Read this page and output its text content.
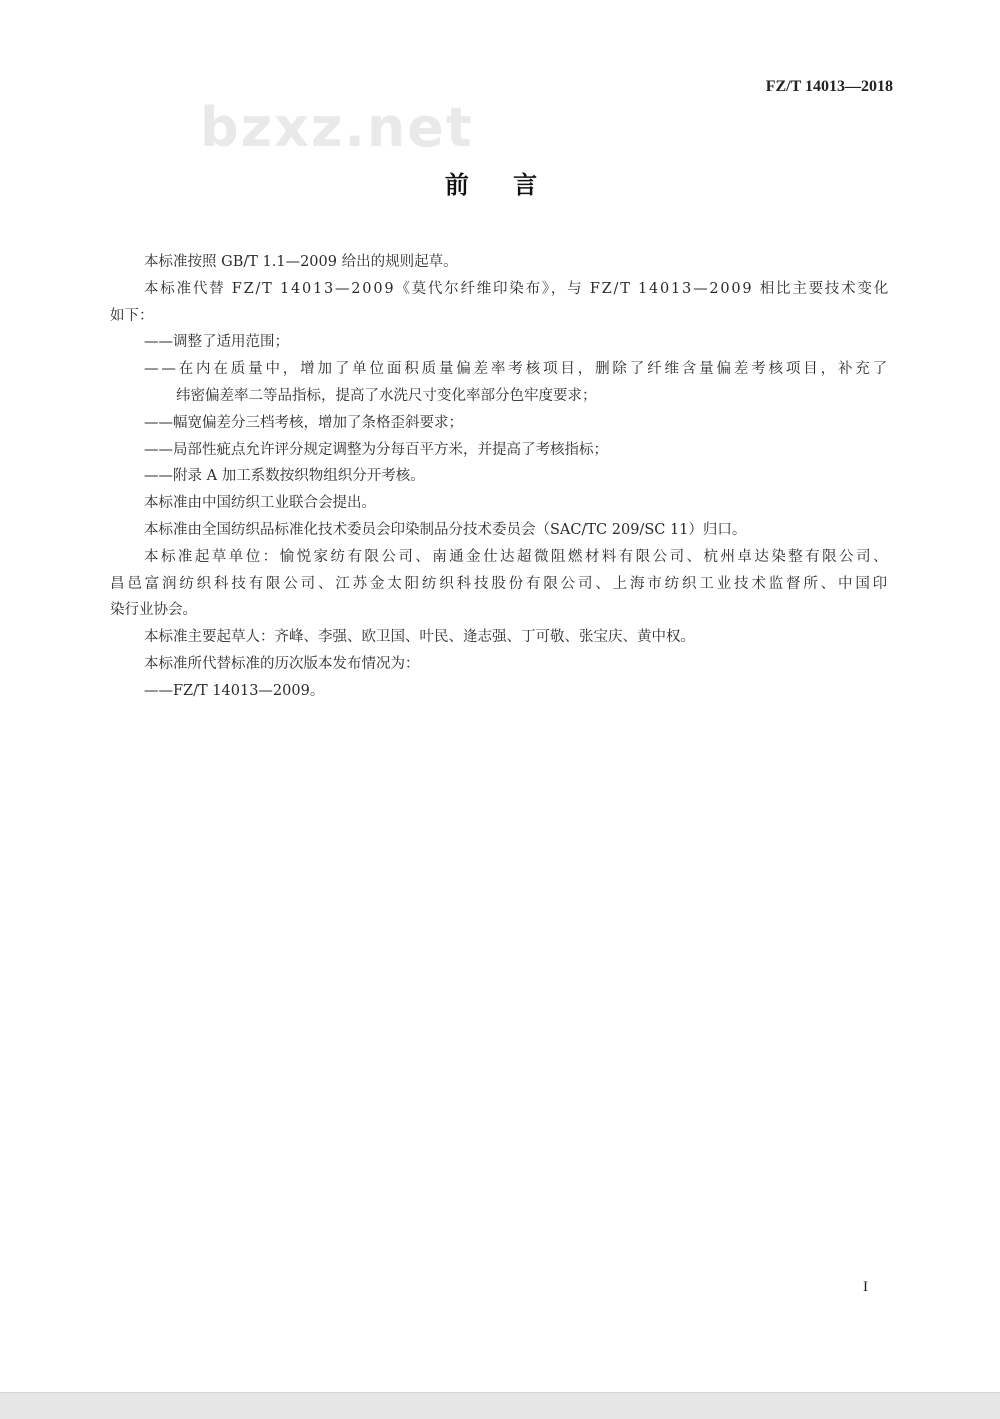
FZ/T 14013—2018
bzxz.net
前 言
本标准按照 GB/T 1.1—2009 给出的规则起草。
本标准代替 FZ/T 14013—2009《莫代尔纤维印染布》，与 FZ/T 14013—2009 相比主要技术变化
如下：
——调整了适用范围；
——在内在质量中，增加了单位面积质量偏差率考核项目，删除了纤维含量偏差考核项目，补充了
纬密偏差率二等品指标，提高了水洗尺寸变化率部分色牢度要求；
——幅宽偏差分三档考核，增加了条格歪斜要求；
——局部性疵点允许评分规定调整为分每百平方米，并提高了考核指标；
——附录 A 加工系数按织物组织分开考核。
本标准由中国纺织工业联合会提出。
本标准由全国纺织品标准化技术委员会印染制品分技术委员会（SAC/TC 209/SC 11）归口。
本标准起草单位：愉悦家纺有限公司、南通金仕达超微阻燃材料有限公司、杭州卓达染整有限公司、
昌邑富润纺织科技有限公司、江苏金太阳纺织科技股份有限公司、上海市纺织工业技术监督所、中国印
染行业协会。
本标准主要起草人：齐峰、李强、欧卫国、叶民、逄志强、丁可敬、张宝庆、黄中权。
本标准所代替标准的历次版本发布情况为：
——FZ/T 14013—2009。
I
